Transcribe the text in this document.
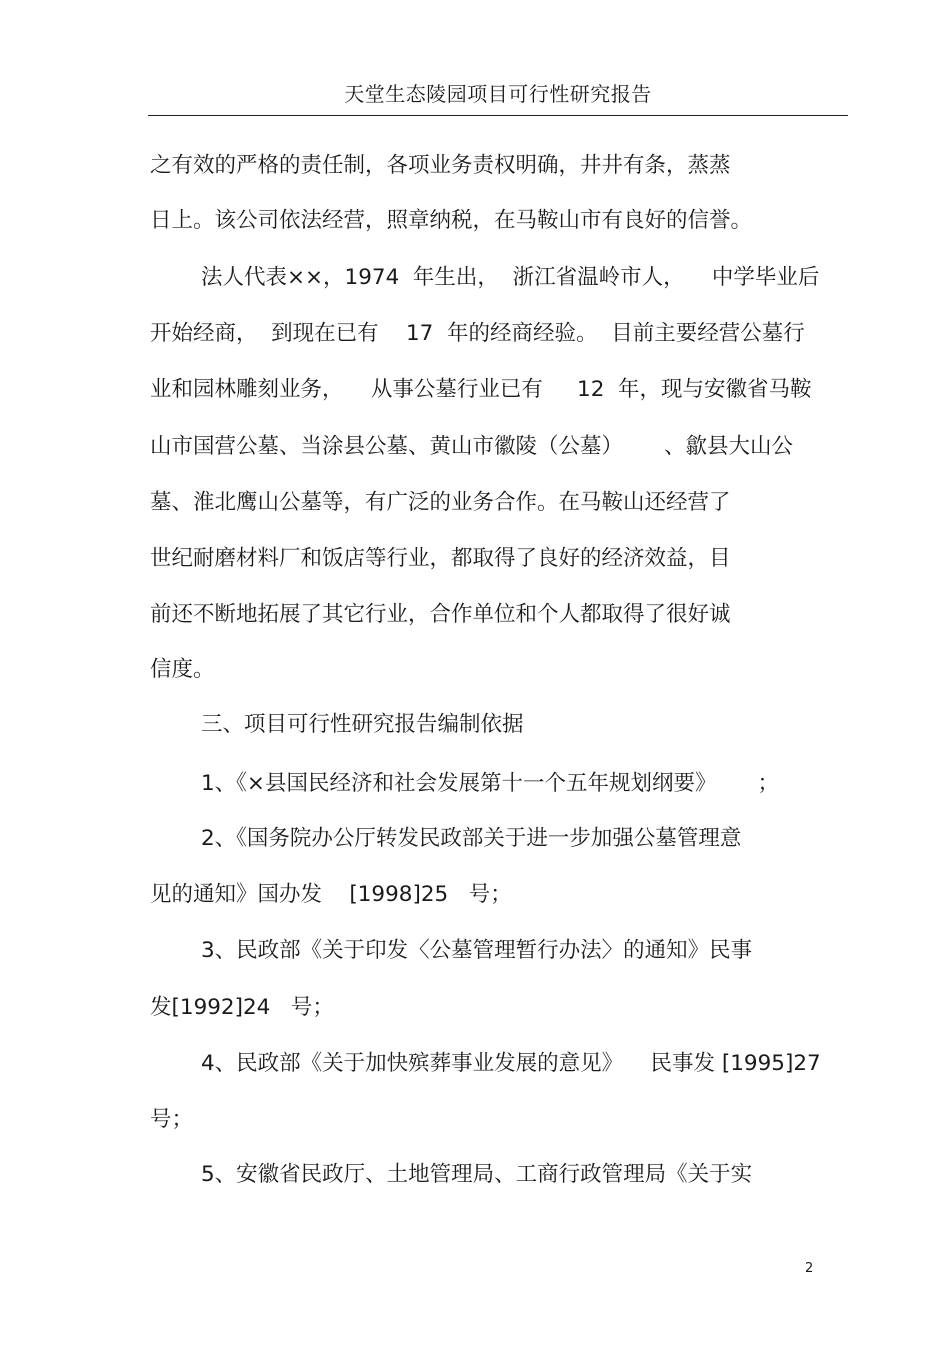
天堂生态陵园项目可行性研究报告
之有效的严格的责任制，各项业务责权明确，井井有条，蒸蒸
日上。该公司依法经营，照章纳税，在马鞍山市有良好的信誉。
法人代表××，1974  年生出，  浙江省温岭市人，    中学毕业后
开始经商，  到现在已有    17  年的经商经验。  目前主要经营公墓行
业和园林雕刻业务，    从事公墓行业已有     12  年，现与安徽省马鞍
山市国营公墓、当涂县公墓、黄山市徽陵（公墓）      、歙县大山公
墓、淮北鹰山公墓等，有广泛的业务合作。在马鞍山还经营了
世纪耐磨材料厂和饭店等行业，都取得了良好的经济效益，目
前还不断地拓展了其它行业，合作单位和个人都取得了很好诚
信度。
三、项目可行性研究报告编制依据
1、《×县国民经济和社会发展第十一个五年规划纲要》      ；
2、《国务院办公厅转发民政部关于进一步加强公墓管理意
见的通知》国办发    [1998]25   号；
3、民政部《关于印发〈公墓管理暂行办法〉的通知》民事
发[1992]24   号；
4、民政部《关于加快殡葬事业发展的意见》    民事发 [1995]27
号；
5、安徽省民政厅、土地管理局、工商行政管理局《关于实
2
